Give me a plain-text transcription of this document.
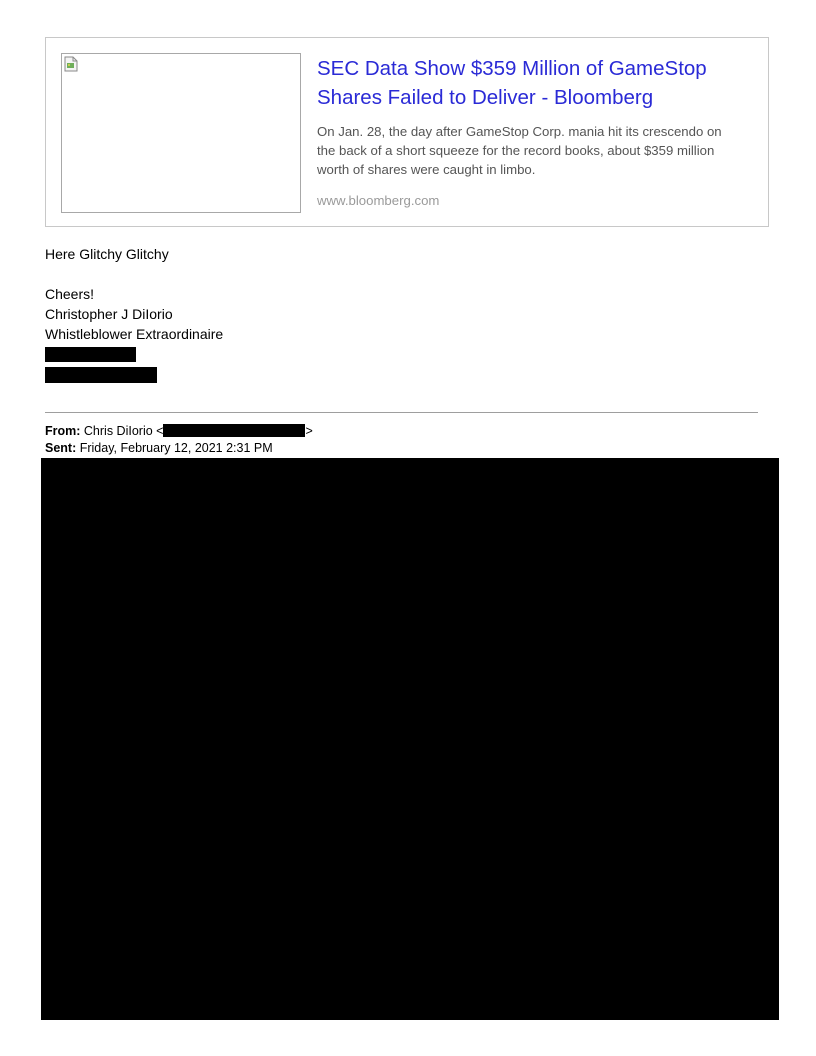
SEC Data Show $359 Million of GameStop Shares Failed to Deliver - Bloomberg
On Jan. 28, the day after GameStop Corp. mania hit its crescendo on the back of a short squeeze for the record books, about $359 million worth of shares were caught in limbo.
www.bloomberg.com
Here Glitchy Glitchy
Cheers!
Christopher J DiIorio
Whistleblower Extraordinaire
From: Chris DiIorio <	>
Sent: Friday, February 12, 2021 2:31 PM
